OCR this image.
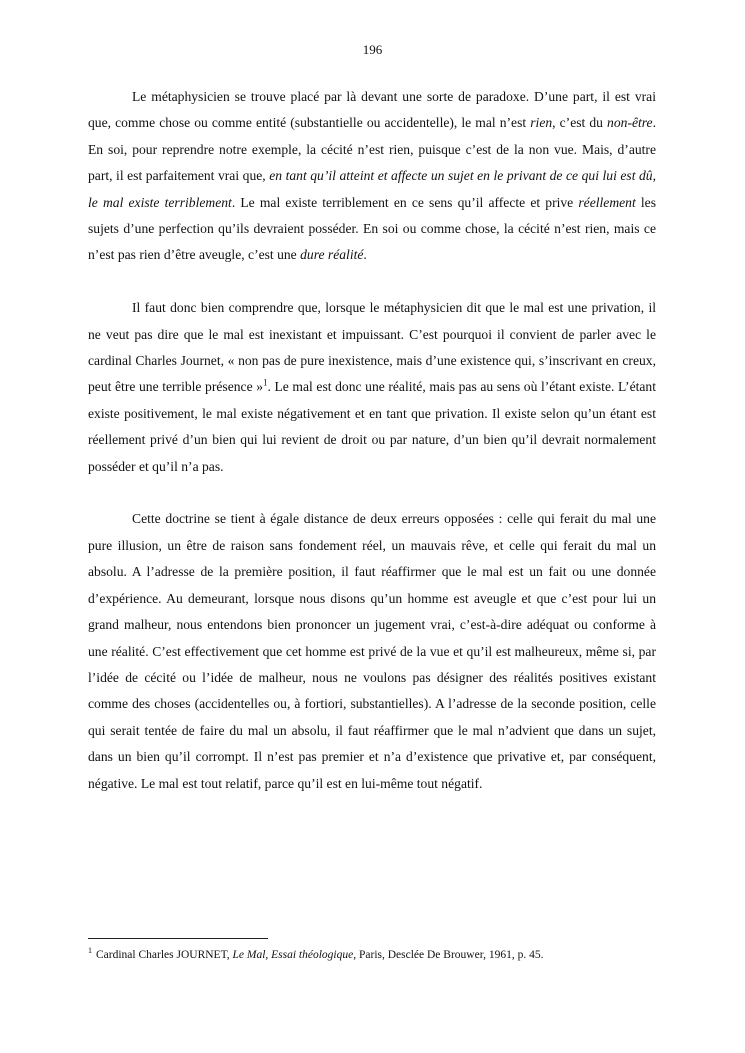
196

Le métaphysicien se trouve placé par là devant une sorte de paradoxe. D’une part, il est vrai que, comme chose ou comme entité (substantielle ou accidentelle), le mal n’est rien, c’est du non-être. En soi, pour reprendre notre exemple, la cécité n’est rien, puisque c’est de la non vue. Mais, d’autre part, il est parfaitement vrai que, en tant qu’il atteint et affecte un sujet en le privant de ce qui lui est dû, le mal existe terriblement. Le mal existe terriblement en ce sens qu’il affecte et prive réellement les sujets d’une perfection qu’ils devraient posséder. En soi ou comme chose, la cécité n’est rien, mais ce n’est pas rien d’être aveugle, c’est une dure réalité.

Il faut donc bien comprendre que, lorsque le métaphysicien dit que le mal est une privation, il ne veut pas dire que le mal est inexistant et impuissant. C’est pourquoi il convient de parler avec le cardinal Charles Journet, « non pas de pure inexistence, mais d’une existence qui, s’inscrivant en creux, peut être une terrible présence »$^1$. Le mal est donc une réalité, mais pas au sens où l’étant existe. L’étant existe positivement, le mal existe négativement et en tant que privation. Il existe selon qu’un étant est réellement privé d’un bien qui lui revient de droit ou par nature, d’un bien qu’il devrait normalement posséder et qu’il n’a pas.

Cette doctrine se tient à égale distance de deux erreurs opposées : celle qui ferait du mal une pure illusion, un être de raison sans fondement réel, un mauvais rêve, et celle qui ferait du mal un absolu. A l’adresse de la première position, il faut réaffirmer que le mal est un fait ou une donnée d’expérience. Au demeurant, lorsque nous disons qu’un homme est aveugle et que c’est pour lui un grand malheur, nous entendons bien prononcer un jugement vrai, c’est-à-dire adéquat ou conforme à une réalité. C’est effectivement que cet homme est privé de la vue et qu’il est malheureux, même si, par l’idée de cécité ou l’idée de malheur, nous ne voulons pas désigner des réalités positives existant comme des choses (accidentelles ou, à fortiori, substantielles). A l’adresse de la seconde position, celle qui serait tentée de faire du mal un absolu, il faut réaffirmer que le mal n’advient que dans un sujet, dans un bien qu’il corrompt. Il n’est pas premier et n’a d’existence que privative et, par conséquent, négative. Le mal est tout relatif, parce qu’il est en lui-même tout négatif.

$^1$ Cardinal Charles JOURNET, Le Mal, Essai théologique, Paris, Desclée De Brouwer, 1961, p. 45.
